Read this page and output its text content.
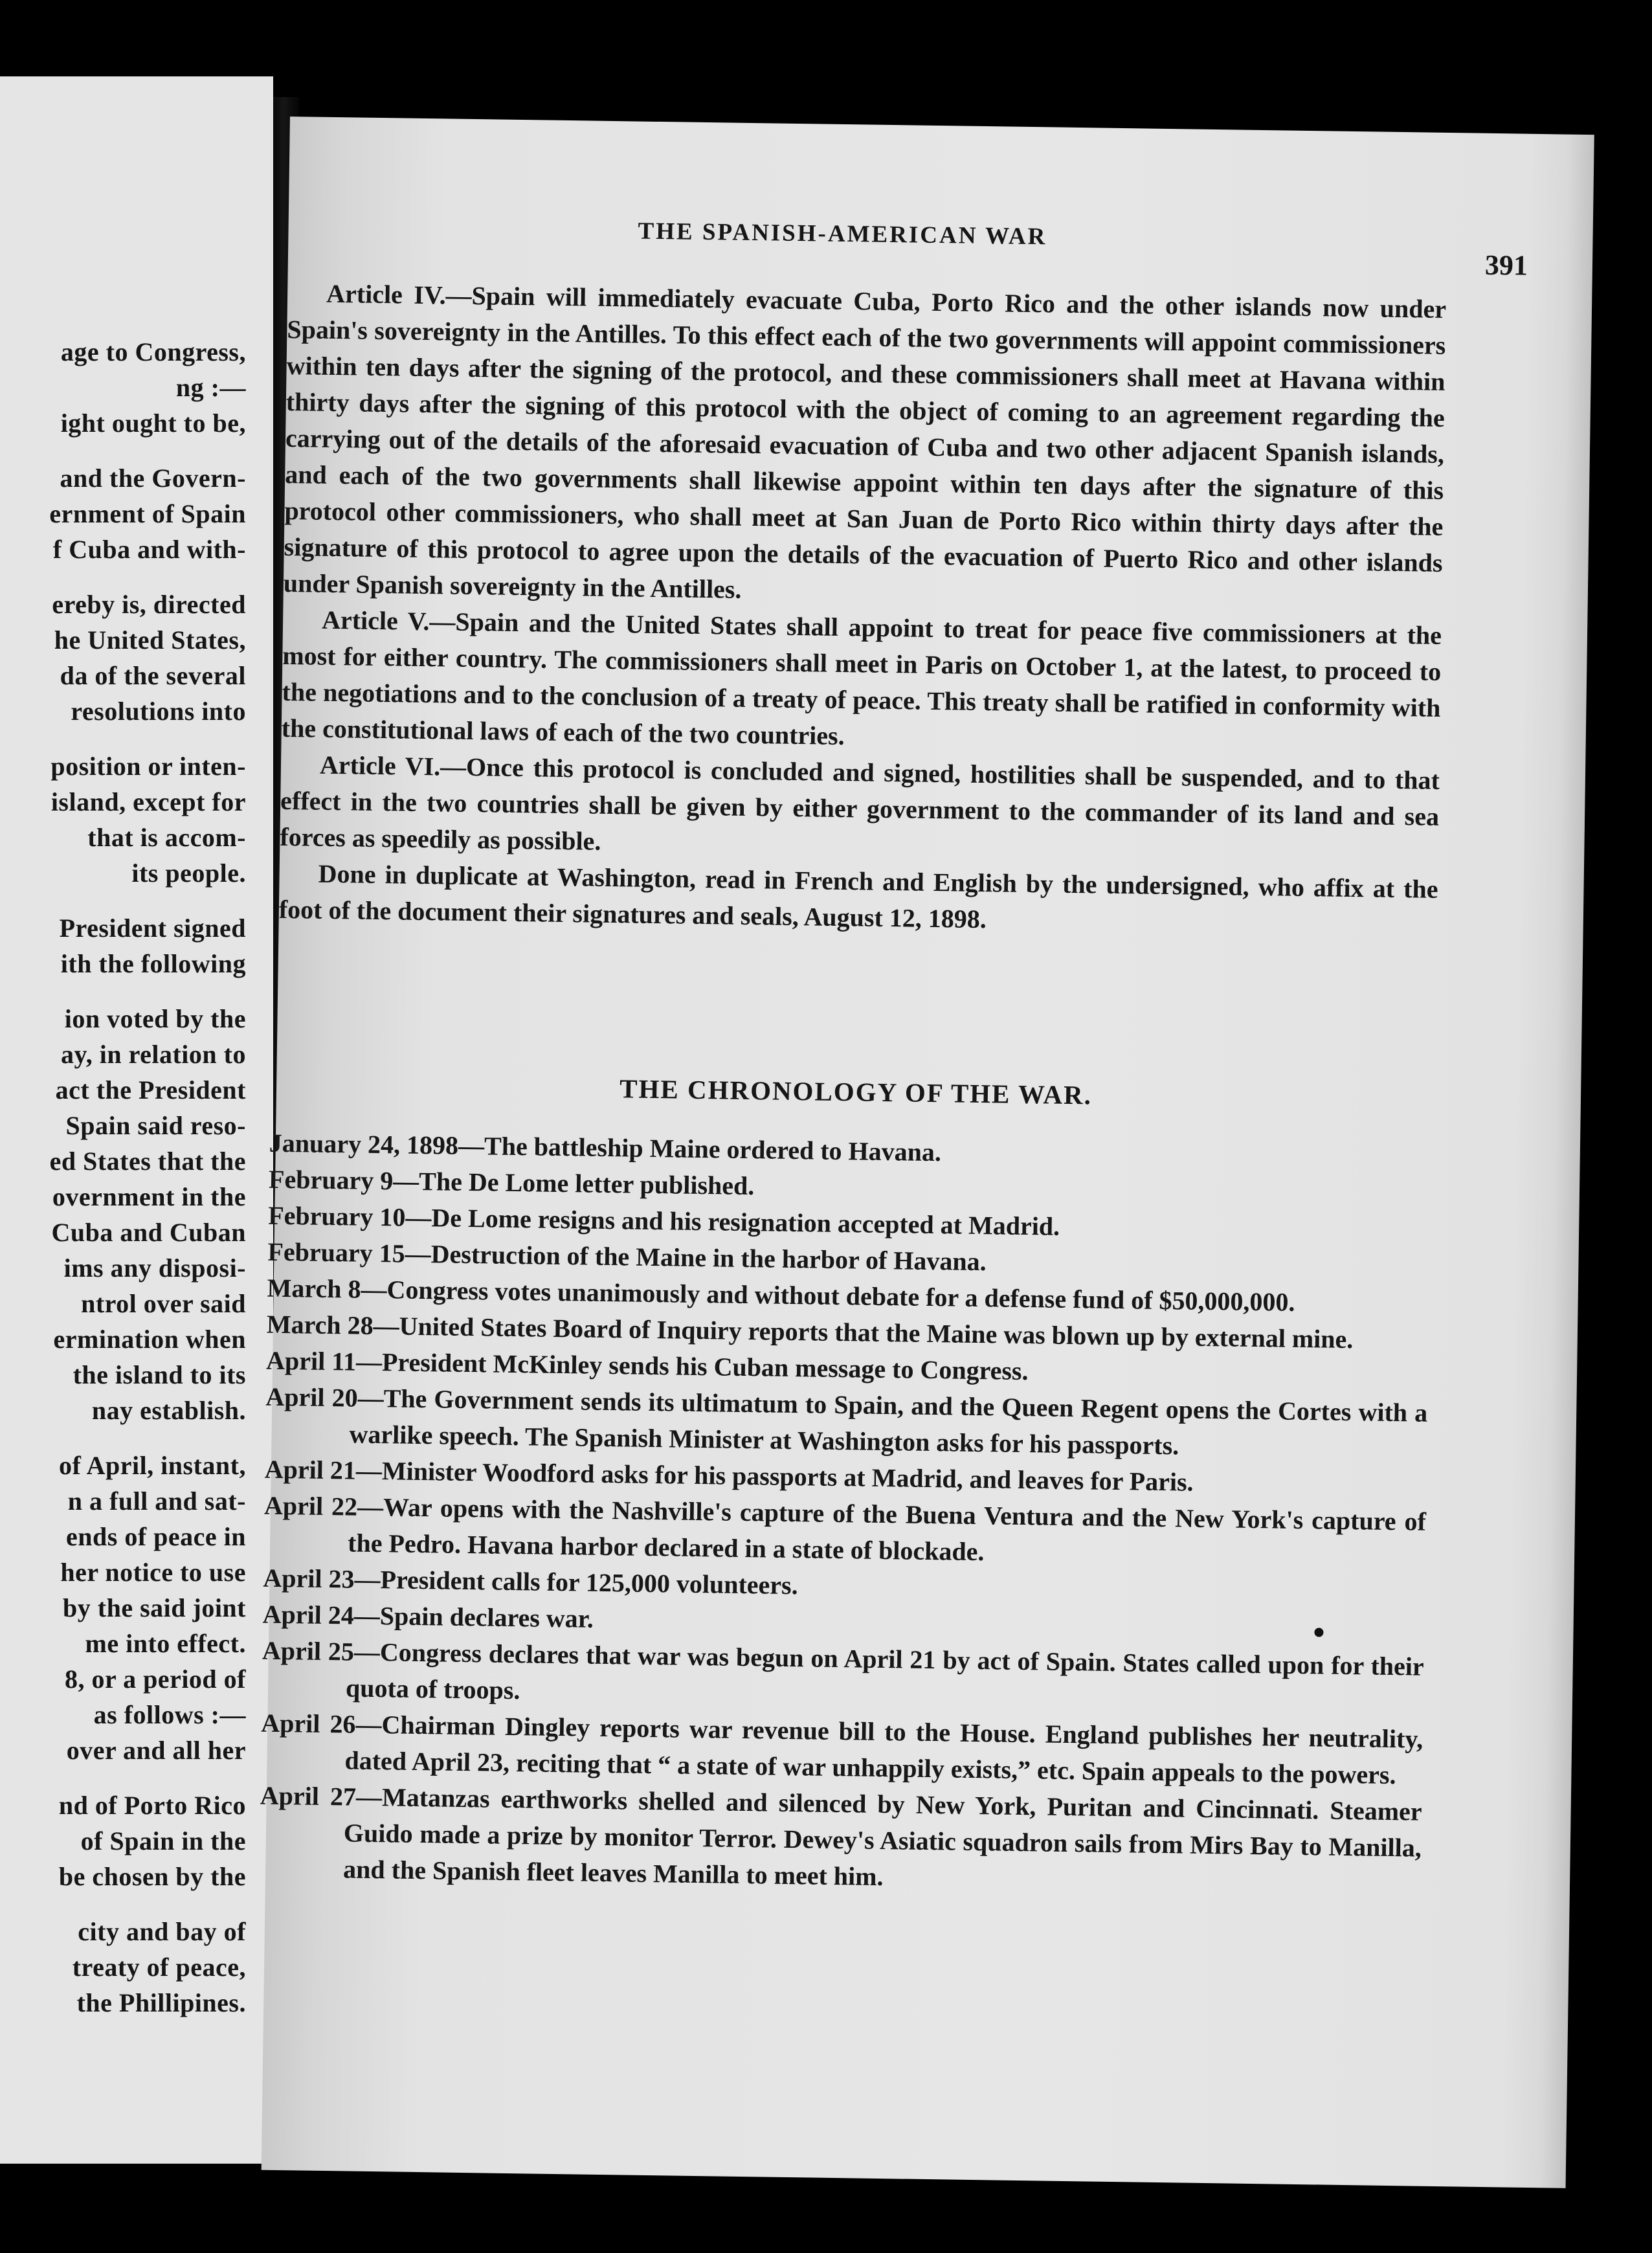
age to Congress,
ng :—
ight ought to be,
and the Govern-
ernment of Spain
f Cuba and with-
ereby is, directed
he United States,
da of the several
resolutions into
position or inten-
island, except for
that is accom-
its people.
President signed
ith the following
ion voted by the
ay, in relation to
act the President
Spain said reso-
ed States that the
overnment in the
Cuba and Cuban
ims any disposi-
ntrol over said
ermination when
the island to its
nay establish.
of April, instant,
n a full and sat-
ends of peace in
her notice to use
by the said joint
me into effect.
8, or a period of
as follows :—
over and all her
nd of Porto Rico
of Spain in the
be chosen by the
city and bay of
treaty of peace,
the Phillipines.
THE SPANISH-AMERICAN WAR
391

Article IV.—Spain will immediately evacuate Cuba, Porto Rico and the other islands now under Spain's sovereignty in the Antilles. To this effect each of the two governments will appoint commissioners within ten days after the signing of the protocol, and these commissioners shall meet at Havana within thirty days after the signing of this protocol with the object of coming to an agreement regarding the carrying out of the details of the aforesaid evacuation of Cuba and two other adjacent Spanish islands, and each of the two governments shall likewise appoint within ten days after the signature of this protocol other commissioners, who shall meet at San Juan de Porto Rico within thirty days after the signature of this protocol to agree upon the details of the evacuation of Puerto Rico and other islands under Spanish sovereignty in the Antilles.

Article V.—Spain and the United States shall appoint to treat for peace five commissioners at the most for either country. The commissioners shall meet in Paris on October 1, at the latest, to proceed to the negotiations and to the conclusion of a treaty of peace. This treaty shall be ratified in conformity with the constitutional laws of each of the two countries.

Article VI.—Once this protocol is concluded and signed, hostilities shall be suspended, and to that effect in the two countries shall be given by either government to the commander of its land and sea forces as speedily as possible.

Done in duplicate at Washington, read in French and English by the undersigned, who affix at the foot of the document their signatures and seals, August 12, 1898.

THE CHRONOLOGY OF THE WAR.

January 24, 1898—The battleship Maine ordered to Havana.

February 9—The De Lome letter published.

February 10—De Lome resigns and his resignation accepted at Madrid.

February 15—Destruction of the Maine in the harbor of Havana.

March 8—Congress votes unanimously and without debate for a defense fund of $50,000,000.

March 28—United States Board of Inquiry reports that the Maine was blown up by external mine.

April 11—President McKinley sends his Cuban message to Congress.

April 20—The Government sends its ultimatum to Spain, and the Queen Regent opens the Cortes with a warlike speech. The Spanish Minister at Washington asks for his passports.

April 21—Minister Woodford asks for his passports at Madrid, and leaves for Paris.

April 22—War opens with the Nashville's capture of the Buena Ventura and the New York's capture of the Pedro. Havana harbor declared in a state of blockade.

April 23—President calls for 125,000 volunteers.

April 24—Spain declares war.

April 25—Congress declares that war was begun on April 21 by act of Spain. States called upon for their quota of troops.

April 26—Chairman Dingley reports war revenue bill to the House. England publishes her neutrality, dated April 23, reciting that “ a state of war unhappily exists,” etc. Spain appeals to the powers.

April 27—Matanzas earthworks shelled and silenced by New York, Puritan and Cincinnati. Steamer Guido made a prize by monitor Terror. Dewey's Asiatic squadron sails from Mirs Bay to Manilla, and the Spanish fleet leaves Manilla to meet him.
